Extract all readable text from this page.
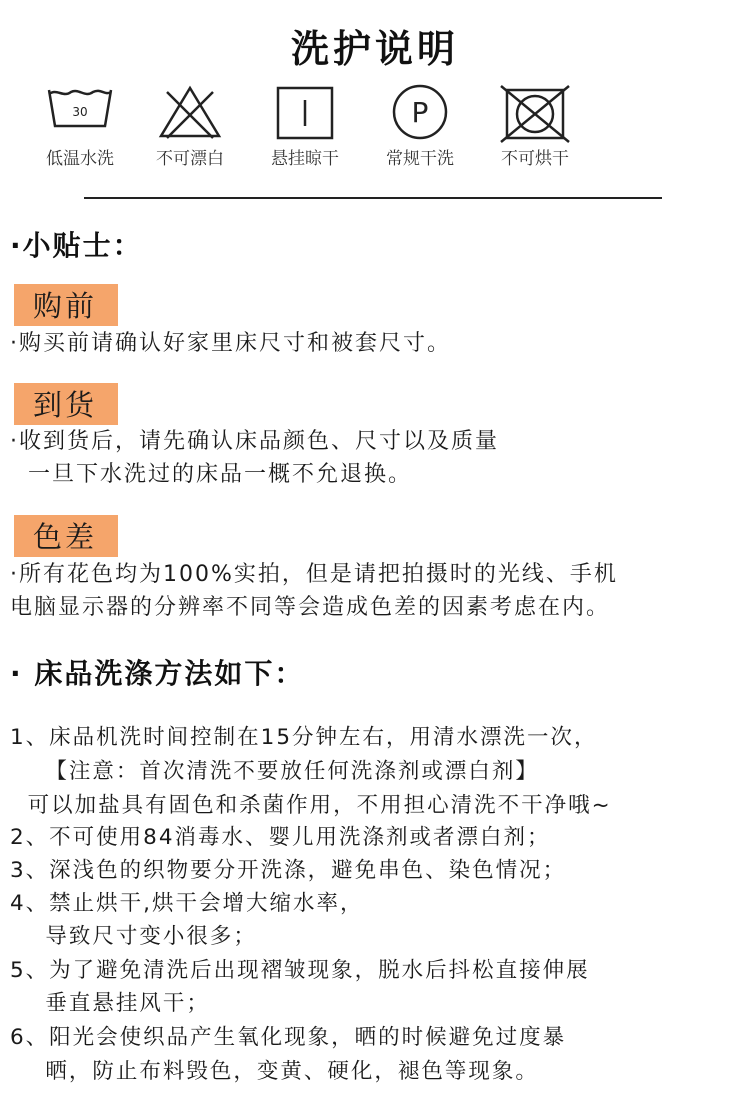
洗护说明
30
低温水洗	不可漂白	悬挂晾干
P
常规干洗	不可烘干
·小贴士：
购前
·购买前请确认好家里床尺寸和被套尺寸。
到货
·收到货后，请先确认床品颜色、尺寸以及质量
一旦下水洗过的床品一概不允退换。
色差
·所有花色均为100%实拍，但是请把拍摄时的光线、手机
电脑显示器的分辨率不同等会造成色差的因素考虑在内。
· 床品洗涤方法如下：
1、床品机洗时间控制在15分钟左右，用清水漂洗一次，
【注意：首次清洗不要放任何洗涤剂或漂白剂】
可以加盐具有固色和杀菌作用，不用担心清洗不干净哦~
2、不可使用84消毒水、婴儿用洗涤剂或者漂白剂；
3、深浅色的织物要分开洗涤，避免串色、染色情况；
4、禁止烘干,烘干会增大缩水率，
导致尺寸变小很多；
5、为了避免清洗后出现褶皱现象，脱水后抖松直接伸展
垂直悬挂风干；
6、阳光会使织品产生氧化现象，晒的时候避免过度暴
晒，防止布料毁色，变黄、硬化，褪色等现象。
